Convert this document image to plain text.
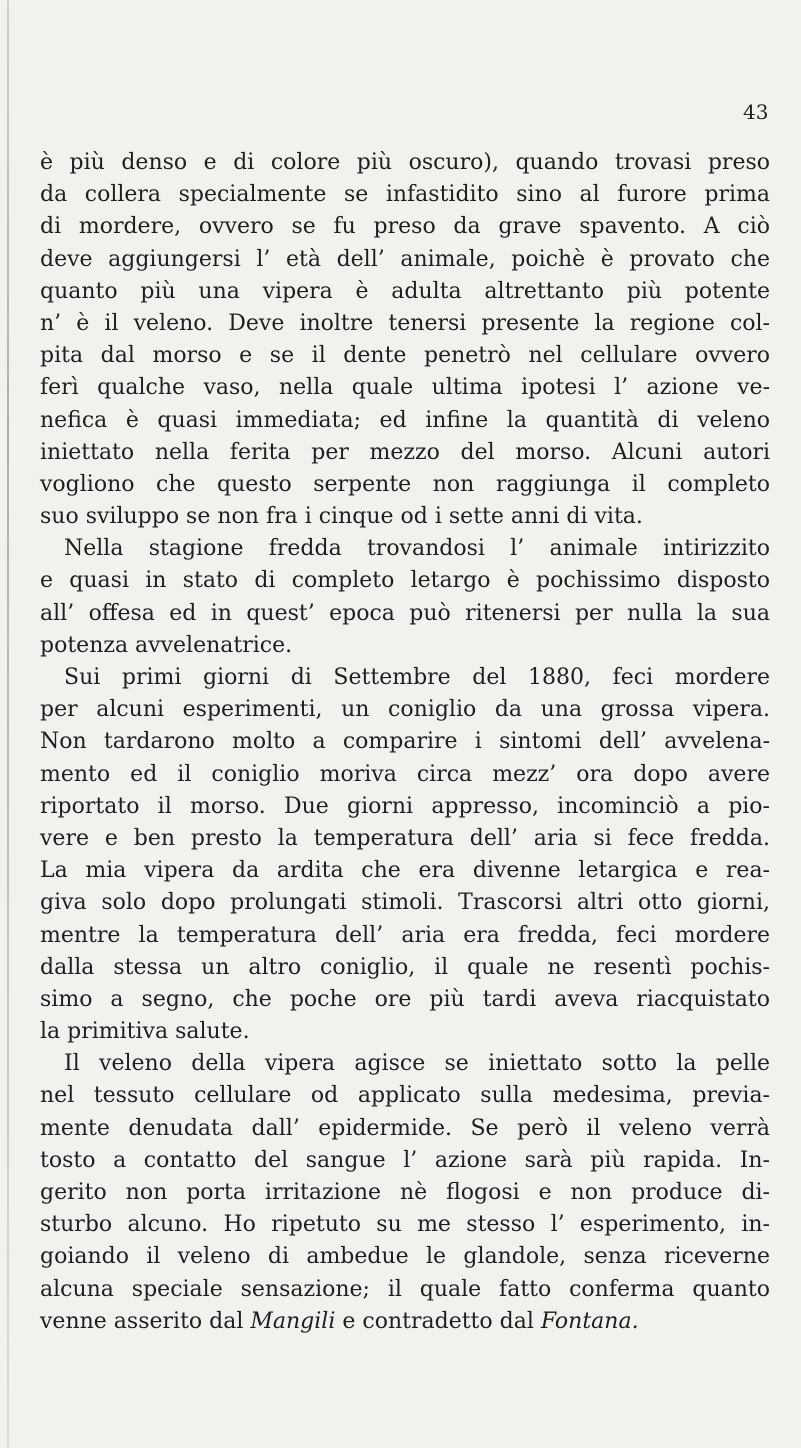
43
è più denso e di colore più oscuro), quando trovasi preso
da collera specialmente se infastidito sino al furore prima
di mordere, ovvero se fu preso da grave spavento. A ciò
deve aggiungersi l’ età dell’ animale, poichè è provato che
quanto più una vipera è adulta altrettanto più potente
n’ è il veleno. Deve inoltre tenersi presente la regione col-
pita dal morso e se il dente penetrò nel cellulare ovvero
ferì qualche vaso, nella quale ultima ipotesi l’ azione ve-
nefica è quasi immediata; ed infine la quantità di veleno
iniettato nella ferita per mezzo del morso. Alcuni autori
vogliono che questo serpente non raggiunga il completo
suo sviluppo se non fra i cinque od i sette anni di vita.
Nella stagione fredda trovandosi l’ animale intirizzito
e quasi in stato di completo letargo è pochissimo disposto
all’ offesa ed in quest’ epoca può ritenersi per nulla la sua
potenza avvelenatrice.
Sui primi giorni di Settembre del 1880, feci mordere
per alcuni esperimenti, un coniglio da una grossa vipera.
Non tardarono molto a comparire i sintomi dell’ avvelena-
mento ed il coniglio moriva circa mezz’ ora dopo avere
riportato il morso. Due giorni appresso, incominciò a pio-
vere e ben presto la temperatura dell’ aria si fece fredda.
La mia vipera da ardita che era divenne letargica e rea-
giva solo dopo prolungati stimoli. Trascorsi altri otto giorni,
mentre la temperatura dell’ aria era fredda, feci mordere
dalla stessa un altro coniglio, il quale ne resentì pochis-
simo a segno, che poche ore più tardi aveva riacquistato
la primitiva salute.
Il veleno della vipera agisce se iniettato sotto la pelle
nel tessuto cellulare od applicato sulla medesima, previa-
mente denudata dall’ epidermide. Se però il veleno verrà
tosto a contatto del sangue l’ azione sarà più rapida. In-
gerito non porta irritazione nè flogosi e non produce di-
sturbo alcuno. Ho ripetuto su me stesso l’ esperimento, in-
goiando il veleno di ambedue le glandole, senza riceverne
alcuna speciale sensazione; il quale fatto conferma quanto
venne asserito dal Mangili e contradetto dal Fontana.
